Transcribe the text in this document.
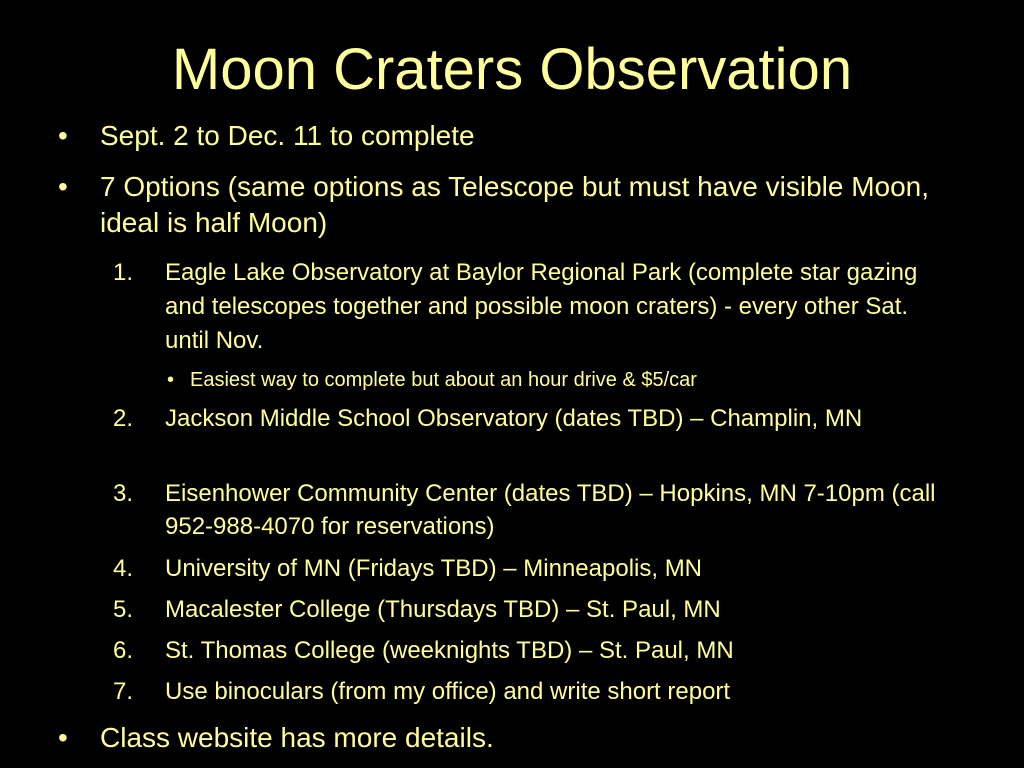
Moon Craters Observation
• Sept. 2 to Dec. 11 to complete
• 7 Options (same options as Telescope but must have visible Moon, ideal is half Moon)
1. Eagle Lake Observatory at Baylor Regional Park (complete star gazing and telescopes together and possible moon craters) - every other Sat. until Nov.
• Easiest way to complete but about an hour drive & $5/car
2. Jackson Middle School Observatory (dates TBD) – Champlin, MN
3. Eisenhower Community Center (dates TBD) – Hopkins, MN 7-10pm (call 952-988-4070 for reservations)
4. University of MN (Fridays TBD) – Minneapolis, MN
5. Macalester College (Thursdays TBD) – St. Paul, MN
6. St. Thomas College (weeknights TBD) – St. Paul, MN
7. Use binoculars (from my office) and write short report
• Class website has more details.
